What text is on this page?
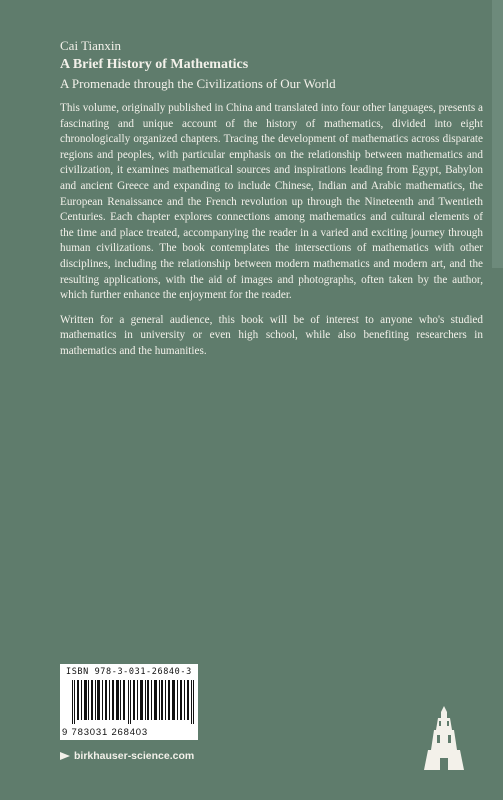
Cai Tianxin
A Brief History of Mathematics
A Promenade through the Civilizations of Our World

This volume, originally published in China and translated into four other languages, presents a fascinating and unique account of the history of mathematics, divided into eight chronologically organized chapters. Tracing the development of mathematics across disparate regions and peoples, with particular emphasis on the relationship between mathematics and civilization, it examines mathematical sources and inspirations leading from Egypt, Babylon and ancient Greece and expanding to include Chinese, Indian and Arabic mathematics, the European Renaissance and the French revolution up through the Nineteenth and Twentieth Centuries. Each chapter explores connections among mathematics and cultural elements of the time and place treated, accompanying the reader in a varied and exciting journey through human civilizations. The book contemplates the intersections of mathematics with other disciplines, including the relationship between modern mathematics and modern art, and the resulting applications, with the aid of images and photographs, often taken by the author, which further enhance the enjoyment for the reader.

Written for a general audience, this book will be of interest to anyone who's studied mathematics in university or even high school, while also benefiting researchers in mathematics and the humanities.

ISBN 978-3-031-26840-3
9 783031 268403
birkhauser-science.com
